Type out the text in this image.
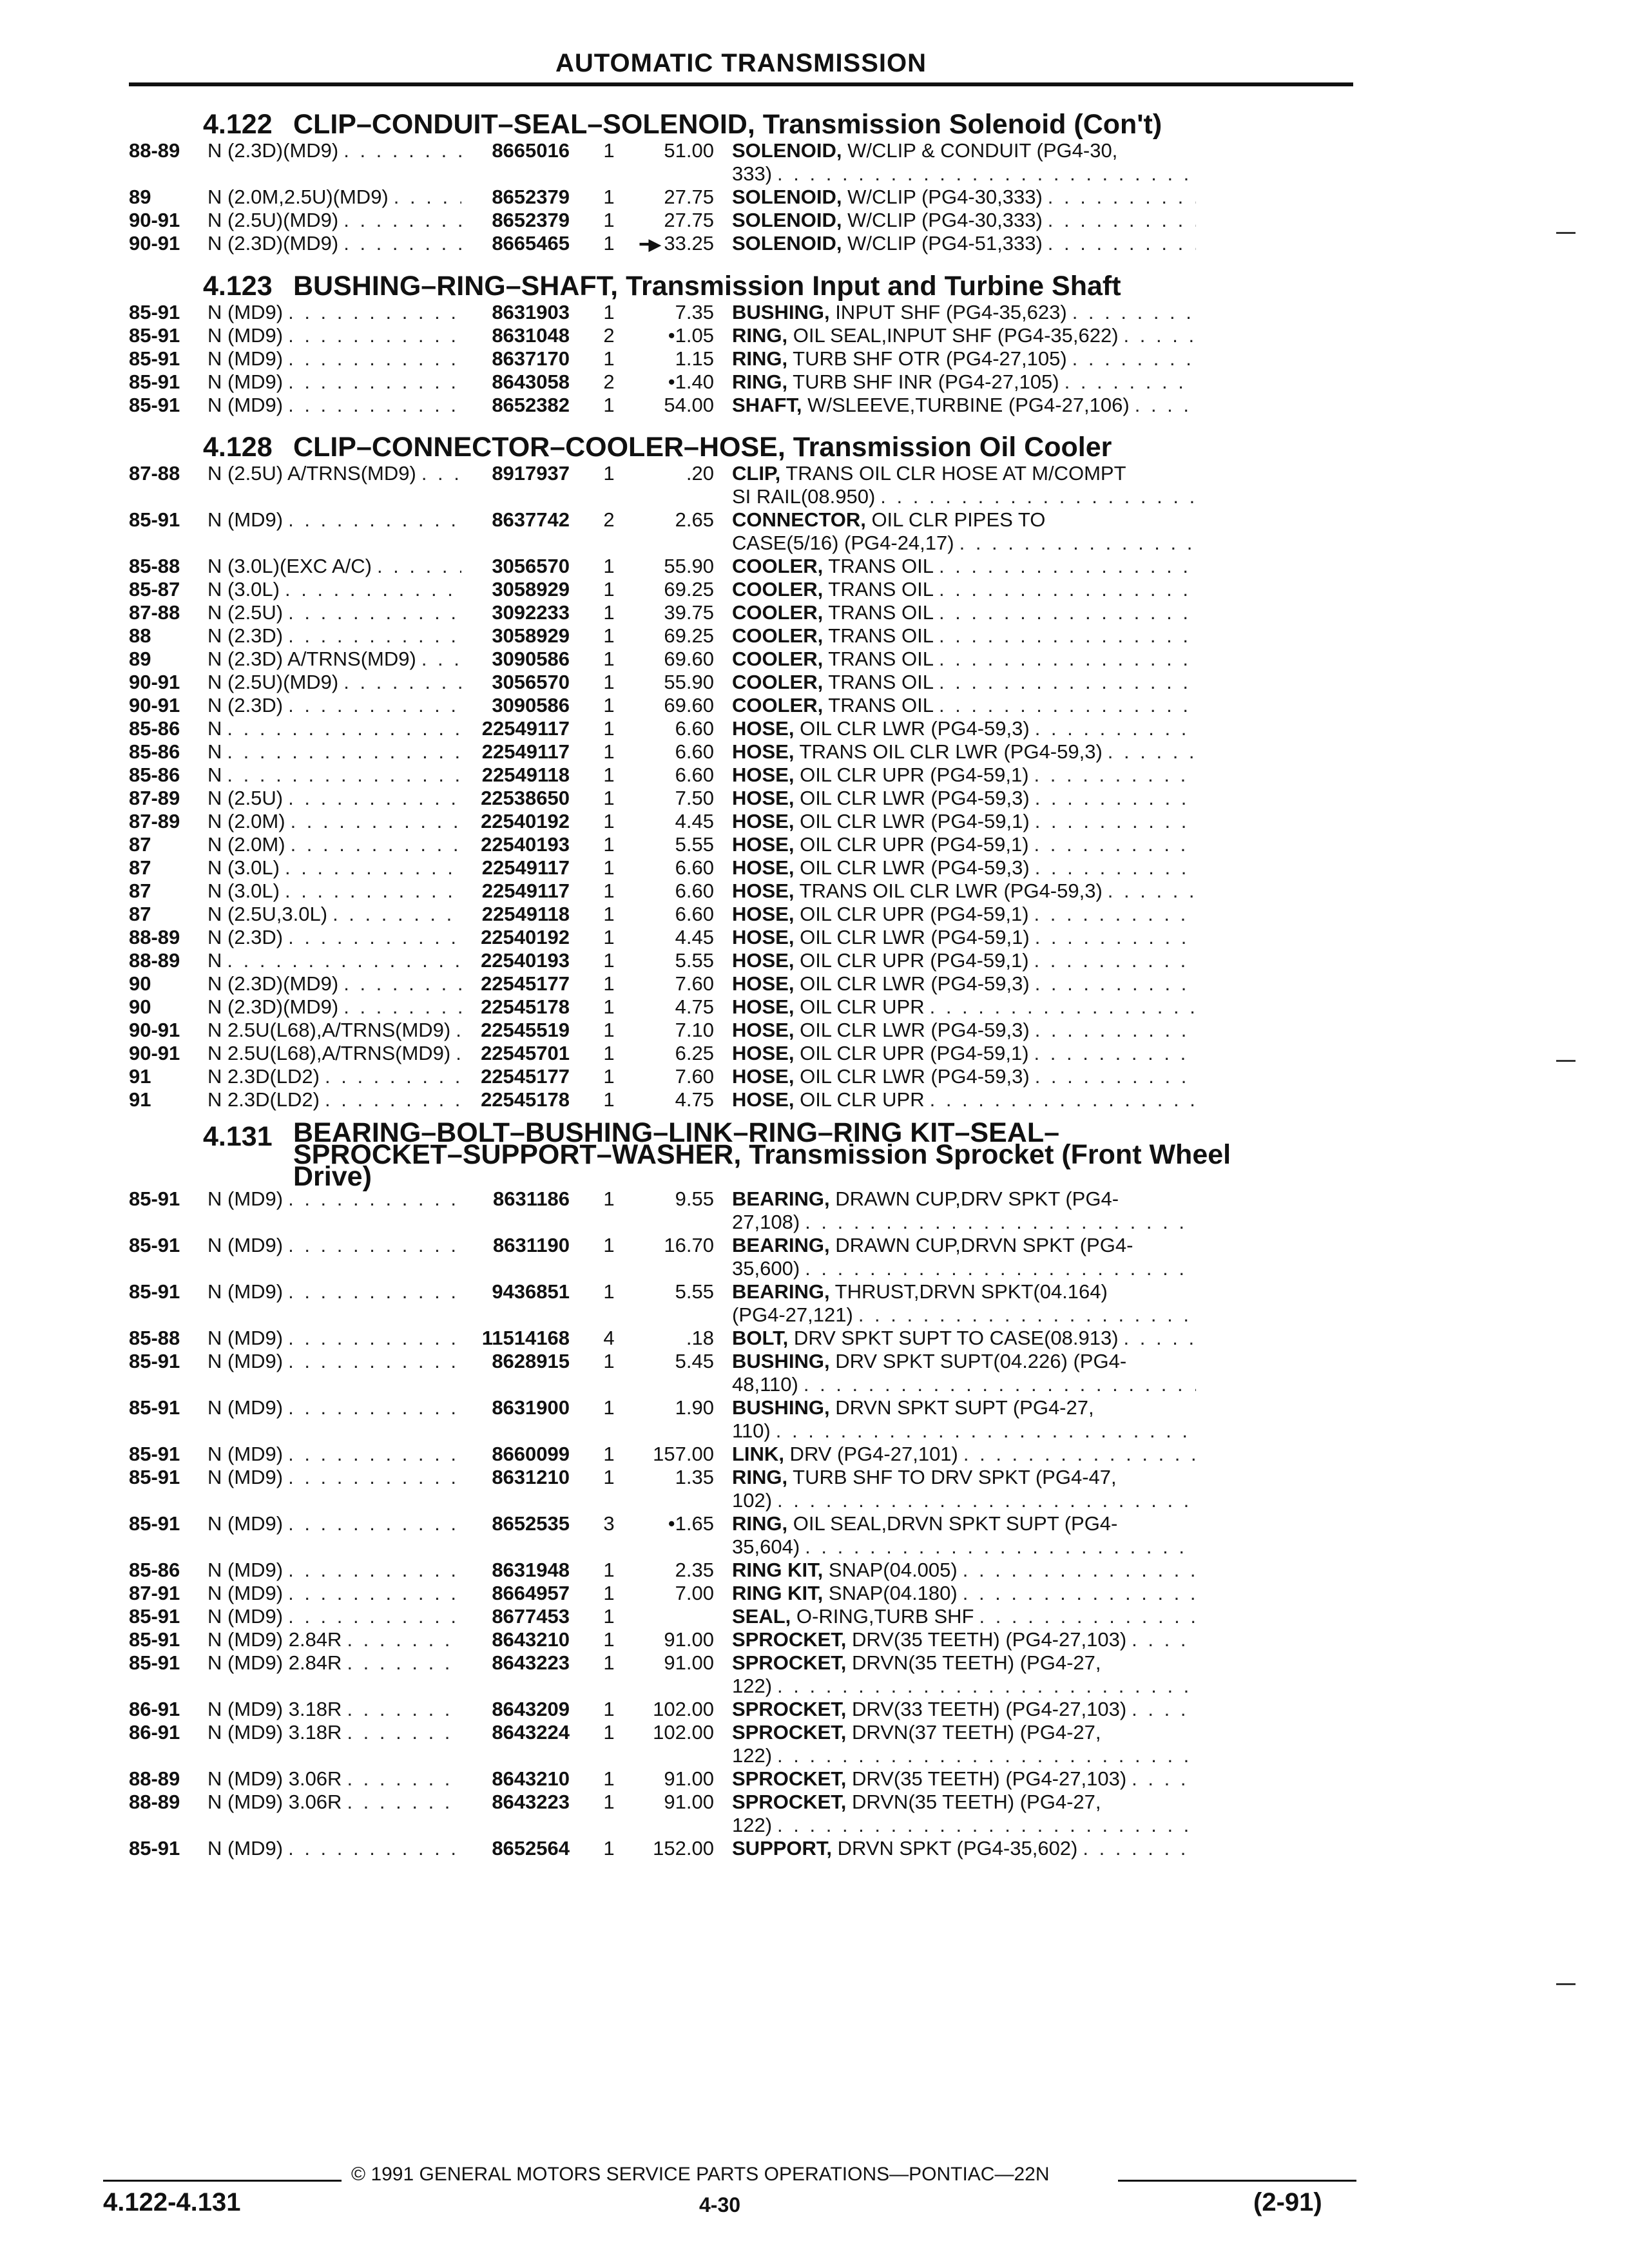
AUTOMATIC TRANSMISSION
4.122 CLIP–CONDUIT–SEAL–SOLENOID, Transmission Solenoid (Con't)
88-89	N (2.3D)(MD9) . . .	8665016	1	51.00 SOLENOID, W/CLIP & CONDUIT (PG4-30,
333)
. . .
89	N (2.0M,2.5U)(MD9) . . .	8652379	1	27.75 SOLENOID, W/CLIP (PG4-30,333)
. . .
90-91	N (2.5U)(MD9) . . .	8652379	1	27.75 SOLENOID, W/CLIP (PG4-30,333)
. . .
90-91	N (2.3D)(MD9) . . .	8665465	1	━▶ 33.25 SOLENOID, W/CLIP (PG4-51,333)
. . .
4.123 BUSHING–RING–SHAFT, Transmission Input and Turbine Shaft
85-91	N (MD9) . . .	8631903	1	7.35 BUSHING, INPUT SHF (PG4-35,623)
. . .
85-91	N (MD9) . . .	8631048	2	•1.05 RING, OIL SEAL,INPUT SHF (PG4-35,622)
. . .
85-91	N (MD9) . . .	8637170	1	1.15 RING, TURB SHF OTR (PG4-27,105)
. . .
85-91	N (MD9) . . .	8643058	2	•1.40 RING, TURB SHF INR (PG4-27,105)
. . .
85-91	N (MD9) . . .	8652382	1	54.00 SHAFT, W/SLEEVE,TURBINE (PG4-27,106)
. . .
4.128 CLIP–CONNECTOR–COOLER–HOSE, Transmission Oil Cooler
87-88	N (2.5U) A/TRNS(MD9) . . .	8917937	1	.20 CLIP, TRANS OIL CLR HOSE AT M/COMPT
SI RAIL(08.950)
. . .
85-91	N (MD9) . . .	8637742	2	2.65 CONNECTOR, OIL CLR PIPES TO
CASE(5/16) (PG4-24,17)
. . .
85-88	N (3.0L)(EXC A/C) . . .	3056570	1	55.90 COOLER, TRANS OIL
. . .
85-87	N (3.0L) . . .	3058929	1	69.25 COOLER, TRANS OIL
. . .
87-88	N (2.5U) . . .	3092233	1	39.75 COOLER, TRANS OIL
. . .
88	N (2.3D) . . .	3058929	1	69.25 COOLER, TRANS OIL
. . .
89	N (2.3D) A/TRNS(MD9) . . .	3090586	1	69.60 COOLER, TRANS OIL
. . .
90-91	N (2.5U)(MD9) . . .	3056570	1	55.90 COOLER, TRANS OIL
. . .
90-91	N (2.3D) . . .	3090586	1	69.60 COOLER, TRANS OIL
. . .
85-86	N . . .	22549117	1	6.60 HOSE, OIL CLR LWR (PG4-59,3)
. . .
85-86	N . . .	22549117	1	6.60 HOSE, TRANS OIL CLR LWR (PG4-59,3)
. . .
85-86	N . . .	22549118	1	6.60 HOSE, OIL CLR UPR (PG4-59,1)
. . .
87-89	N (2.5U) . . .	22538650	1	7.50 HOSE, OIL CLR LWR (PG4-59,3)
. . .
87-89	N (2.0M) . . .	22540192	1	4.45 HOSE, OIL CLR LWR (PG4-59,1)
. . .
87	N (2.0M) . . .	22540193	1	5.55 HOSE, OIL CLR UPR (PG4-59,1)
. . .
87	N (3.0L) . . .	22549117	1	6.60 HOSE, OIL CLR LWR (PG4-59,3)
. . .
87	N (3.0L) . . .	22549117	1	6.60 HOSE, TRANS OIL CLR LWR (PG4-59,3)
. . .
87	N (2.5U,3.0L) . . .	22549118	1	6.60 HOSE, OIL CLR UPR (PG4-59,1)
. . .
88-89	N (2.3D) . . .	22540192	1	4.45 HOSE, OIL CLR LWR (PG4-59,1)
. . .
88-89	N . . .	22540193	1	5.55 HOSE, OIL CLR UPR (PG4-59,1)
. . .
90	N (2.3D)(MD9) . . .	22545177	1	7.60 HOSE, OIL CLR LWR (PG4-59,3)
. . .
90	N (2.3D)(MD9) . . .	22545178	1	4.75 HOSE, OIL CLR UPR
. . .
90-91	N 2.5U(L68),A/TRNS(MD9) . . .	22545519	1	7.10 HOSE, OIL CLR LWR (PG4-59,3)
. . .
90-91	N 2.5U(L68),A/TRNS(MD9) . . .	22545701	1	6.25 HOSE, OIL CLR UPR (PG4-59,1)
. . .
91	N 2.3D(LD2) . . .	22545177	1	7.60 HOSE, OIL CLR LWR (PG4-59,3)
. . .
91	N 2.3D(LD2) . . .	22545178	1	4.75 HOSE, OIL CLR UPR
. . .
4.131 BEARING–BOLT–BUSHING–LINK–RING–RING KIT–SEAL–
SPROCKET–SUPPORT–WASHER, Transmission Sprocket (Front Wheel
Drive)
85-91	N (MD9) . . .	8631186	1	9.55 BEARING, DRAWN CUP,DRV SPKT (PG4-
27,108)
. . .
85-91	N (MD9) . . .	8631190	1	16.70 BEARING, DRAWN CUP,DRVN SPKT (PG4-
35,600)
. . .
85-91	N (MD9) . . .	9436851	1	5.55 BEARING, THRUST,DRVN SPKT(04.164)
(PG4-27,121)
. . .
85-88	N (MD9) . . .	11514168	4	.18 BOLT, DRV SPKT SUPT TO CASE(08.913)
. . .
85-91	N (MD9) . . .	8628915	1	5.45 BUSHING, DRV SPKT SUPT(04.226) (PG4-
48,110)
. . .
85-91	N (MD9) . . .	8631900	1	1.90 BUSHING, DRVN SPKT SUPT (PG4-27,
110)
. . .
85-91	N (MD9) . . .	8660099	1	157.00 LINK, DRV (PG4-27,101)
. . .
85-91	N (MD9) . . .	8631210	1	1.35 RING, TURB SHF TO DRV SPKT (PG4-47,
102)
. . .
85-91	N (MD9) . . .	8652535	3	•1.65 RING, OIL SEAL,DRVN SPKT SUPT (PG4-
35,604)
. . .
85-86	N (MD9) . . .	8631948	1	2.35 RING KIT, SNAP(04.005)
. . .
87-91	N (MD9) . . .	8664957	1	7.00 RING KIT, SNAP(04.180)
. . .
85-91	N (MD9) . . .	8677453	1	SEAL, O-RING,TURB SHF
. . .
85-91	N (MD9) 2.84R . . .	8643210	1	91.00 SPROCKET, DRV(35 TEETH) (PG4-27,103)
. . .
85-91	N (MD9) 2.84R . . .	8643223	1	91.00 SPROCKET, DRVN(35 TEETH) (PG4-27,
122)
. . .
86-91	N (MD9) 3.18R . . .	8643209	1	102.00 SPROCKET, DRV(33 TEETH) (PG4-27,103)
. . .
86-91	N (MD9) 3.18R . . .	8643224	1	102.00 SPROCKET, DRVN(37 TEETH) (PG4-27,
122)
. . .
88-89	N (MD9) 3.06R . . .	8643210	1	91.00 SPROCKET, DRV(35 TEETH) (PG4-27,103)
. . .
88-89	N (MD9) 3.06R . . .	8643223	1	91.00 SPROCKET, DRVN(35 TEETH) (PG4-27,
122)
. . .
85-91	N (MD9) . . .	8652564	1	152.00 SUPPORT, DRVN SPKT (PG4-35,602)
. . .
© 1991 GENERAL MOTORS SERVICE PARTS OPERATIONS—PONTIAC—22N
4.122-4.131	4-30	(2-91)
